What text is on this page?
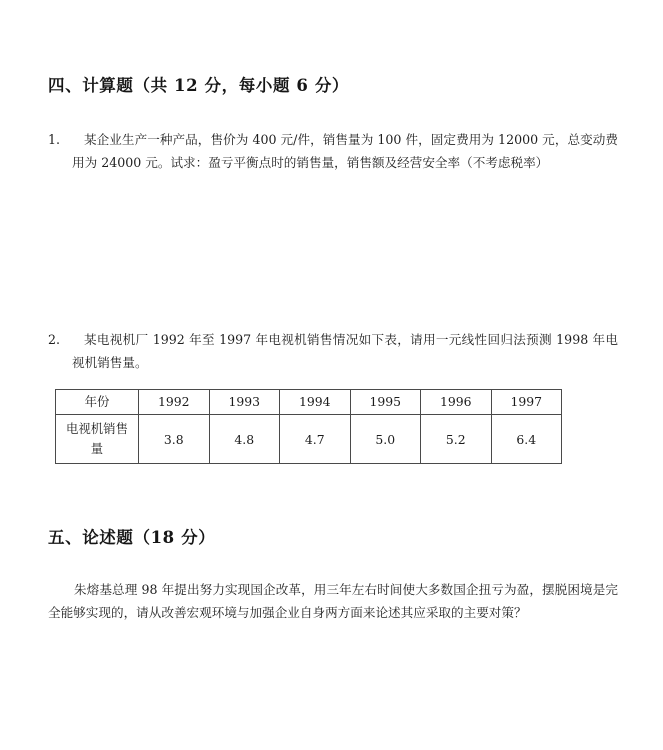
四、计算题（共 12 分，每小题 6 分）
1.	某企业生产一种产品，售价为 400 元/件，销售量为 100 件，固定费用为 12000 元，总变动费用为 24000 元。试求：盈亏平衡点时的销售量，销售额及经营安全率（不考虑税率）
2.	某电视机厂 1992 年至 1997 年电视机销售情况如下表，请用一元线性回归法预测 1998 年电视机销售量。
年份	1992	1993	1994	1995	1996	1997
电视机销售量	3.8	4.8	4.7	5.0	5.2	6.4
五、论述题（18 分）
朱熔基总理 98 年提出努力实现国企改革，用三年左右时间使大多数国企扭亏为盈，摆脱困境是完全能够实现的，请从改善宏观环境与加强企业自身两方面来论述其应采取的主要对策？
